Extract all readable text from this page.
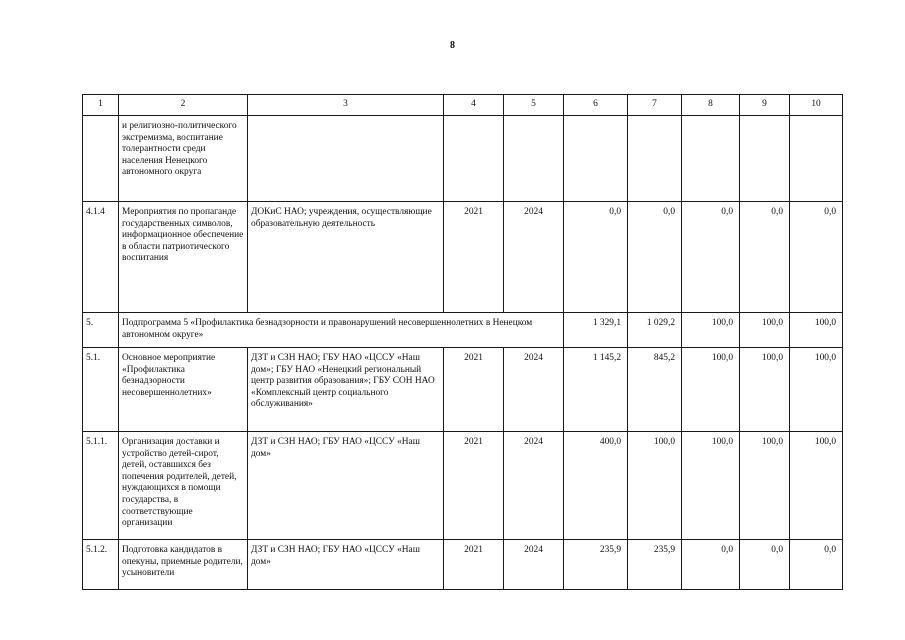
8
1	2	3	4	5	6	7	8	9	10
	и религиозно-политического экстремизма, воспитание толерантности среди населения Ненецкого автономного округа								
4.1.4	Мероприятия по пропаганде государственных символов, информационное обеспечение в области патриотического воспитания	ДОКиС НАО; учреждения, осуществляющие образовательную деятельность	2021	2024	0,0	0,0	0,0	0,0	0,0
5.	Подпрограмма 5 «Профилактика безнадзорности и правонарушений несовершеннолетних в Ненецком автономном округе»				1 329,1	1 029,2	100,0	100,0	100,0
5.1.	Основное мероприятие «Профилактика безнадзорности несовершеннолетних»	ДЗТ и СЗН НАО; ГБУ НАО «ЦССУ «Наш дом»; ГБУ НАО «Ненецкий региональный центр развития образования»; ГБУ СОН НАО «Комплексный центр социального обслуживания»	2021	2024	1 145,2	845,2	100,0	100,0	100,0
5.1.1.	Организация доставки и устройство детей-сирот, детей, оставшихся без попечения родителей, детей, нуждающихся в помощи государства, в соответствующие организации	ДЗТ и СЗН НАО; ГБУ НАО «ЦССУ «Наш дом»	2021	2024	400,0	100,0	100,0	100,0	100,0
5.1.2.	Подготовка кандидатов в опекуны, приемные родители, усыновители	ДЗТ и СЗН НАО; ГБУ НАО «ЦССУ «Наш дом»	2021	2024	235,9	235,9	0,0	0,0	0,0
